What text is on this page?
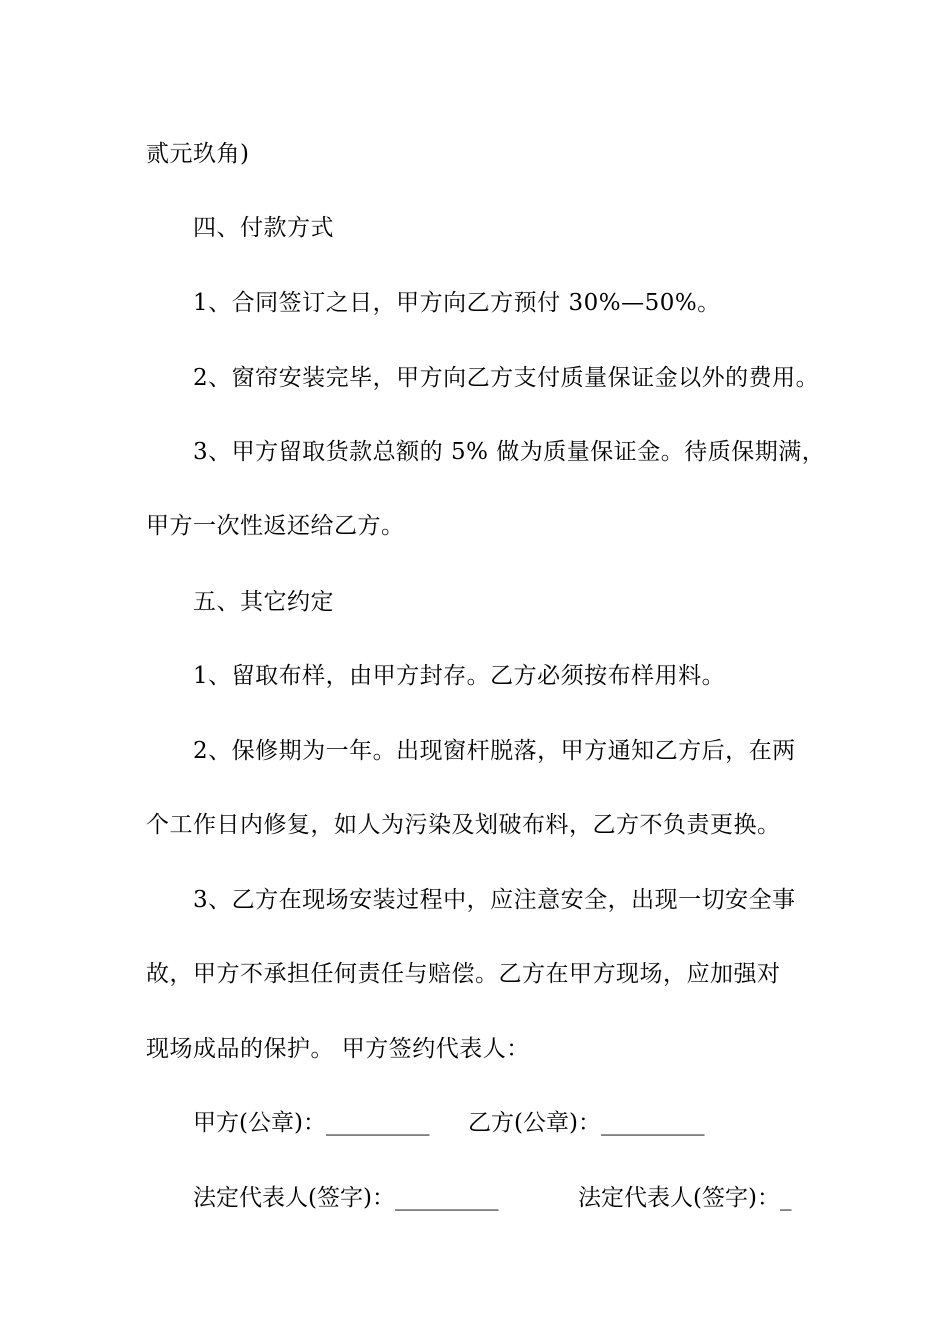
贰元玖角)
四、付款方式
1、合同签订之日，甲方向乙方预付 30%—50%。
2、窗帘安装完毕，甲方向乙方支付质量保证金以外的费用。
3、甲方留取货款总额的 5% 做为质量保证金。待质保期满，
甲方一次性返还给乙方。
五、其它约定
1、留取布样，由甲方封存。乙方必须按布样用料。
2、保修期为一年。出现窗杆脱落，甲方通知乙方后，在两
个工作日内修复，如人为污染及划破布料，乙方不负责更换。
3、乙方在现场安装过程中，应注意安全，出现一切安全事
故，甲方不承担任何责任与赔偿。乙方在甲方现场，应加强对
现场成品的保护。 甲方签约代表人：
甲方(公章)：_________ 乙方(公章)：_________
法定代表人(签字)：_________	法定代表人(签字)：_
